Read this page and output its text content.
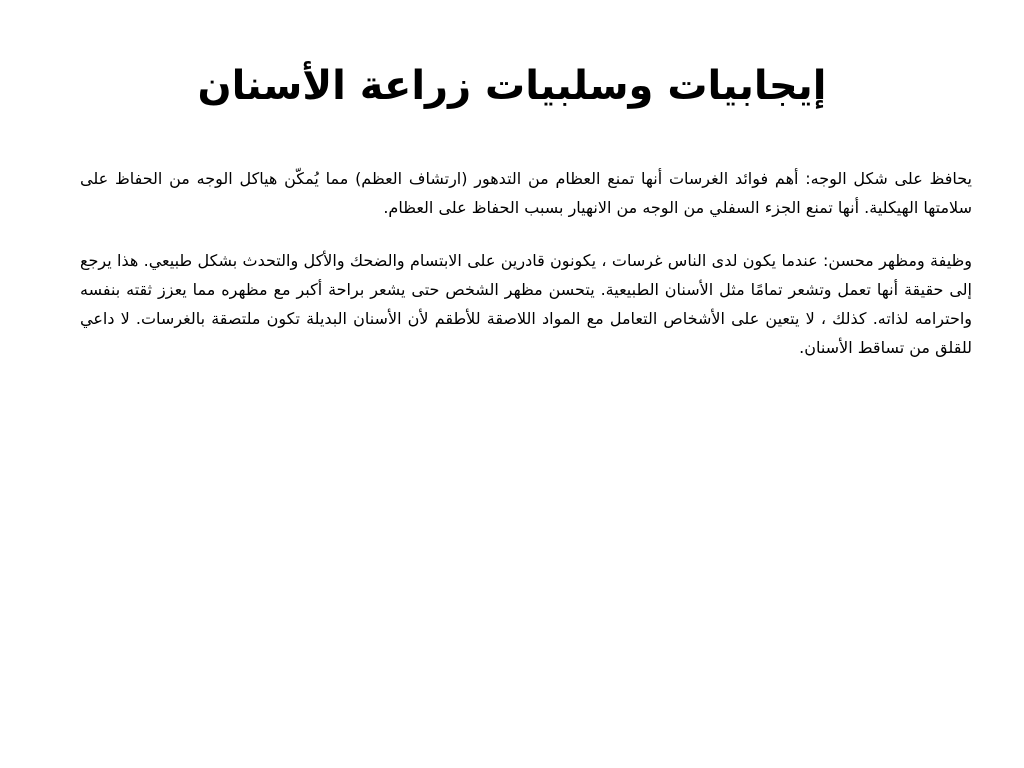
إيجابيات وسلبيات زراعة الأسنان

يحافظ على شكل الوجه: أهم فوائد الغرسات أنها تمنع العظام من التدهور (ارتشاف العظم) مما يُمكّن هياكل الوجه من الحفاظ على سلامتها الهيكلية. أنها تمنع الجزء السفلي من الوجه من الانهيار بسبب الحفاظ على العظام.

وظيفة ومظهر محسن: عندما يكون لدى الناس غرسات ، يكونون قادرين على الابتسام والضحك والأكل والتحدث بشكل طبيعي. هذا يرجع إلى حقيقة أنها تعمل وتشعر تمامًا مثل الأسنان الطبيعية. يتحسن مظهر الشخص حتى يشعر براحة أكبر مع مظهره مما يعزز ثقته بنفسه واحترامه لذاته. كذلك ، لا يتعين على الأشخاص التعامل مع المواد اللاصقة للأطقم لأن الأسنان البديلة تكون ملتصقة بالغرسات. لا داعي للقلق من تساقط الأسنان.
